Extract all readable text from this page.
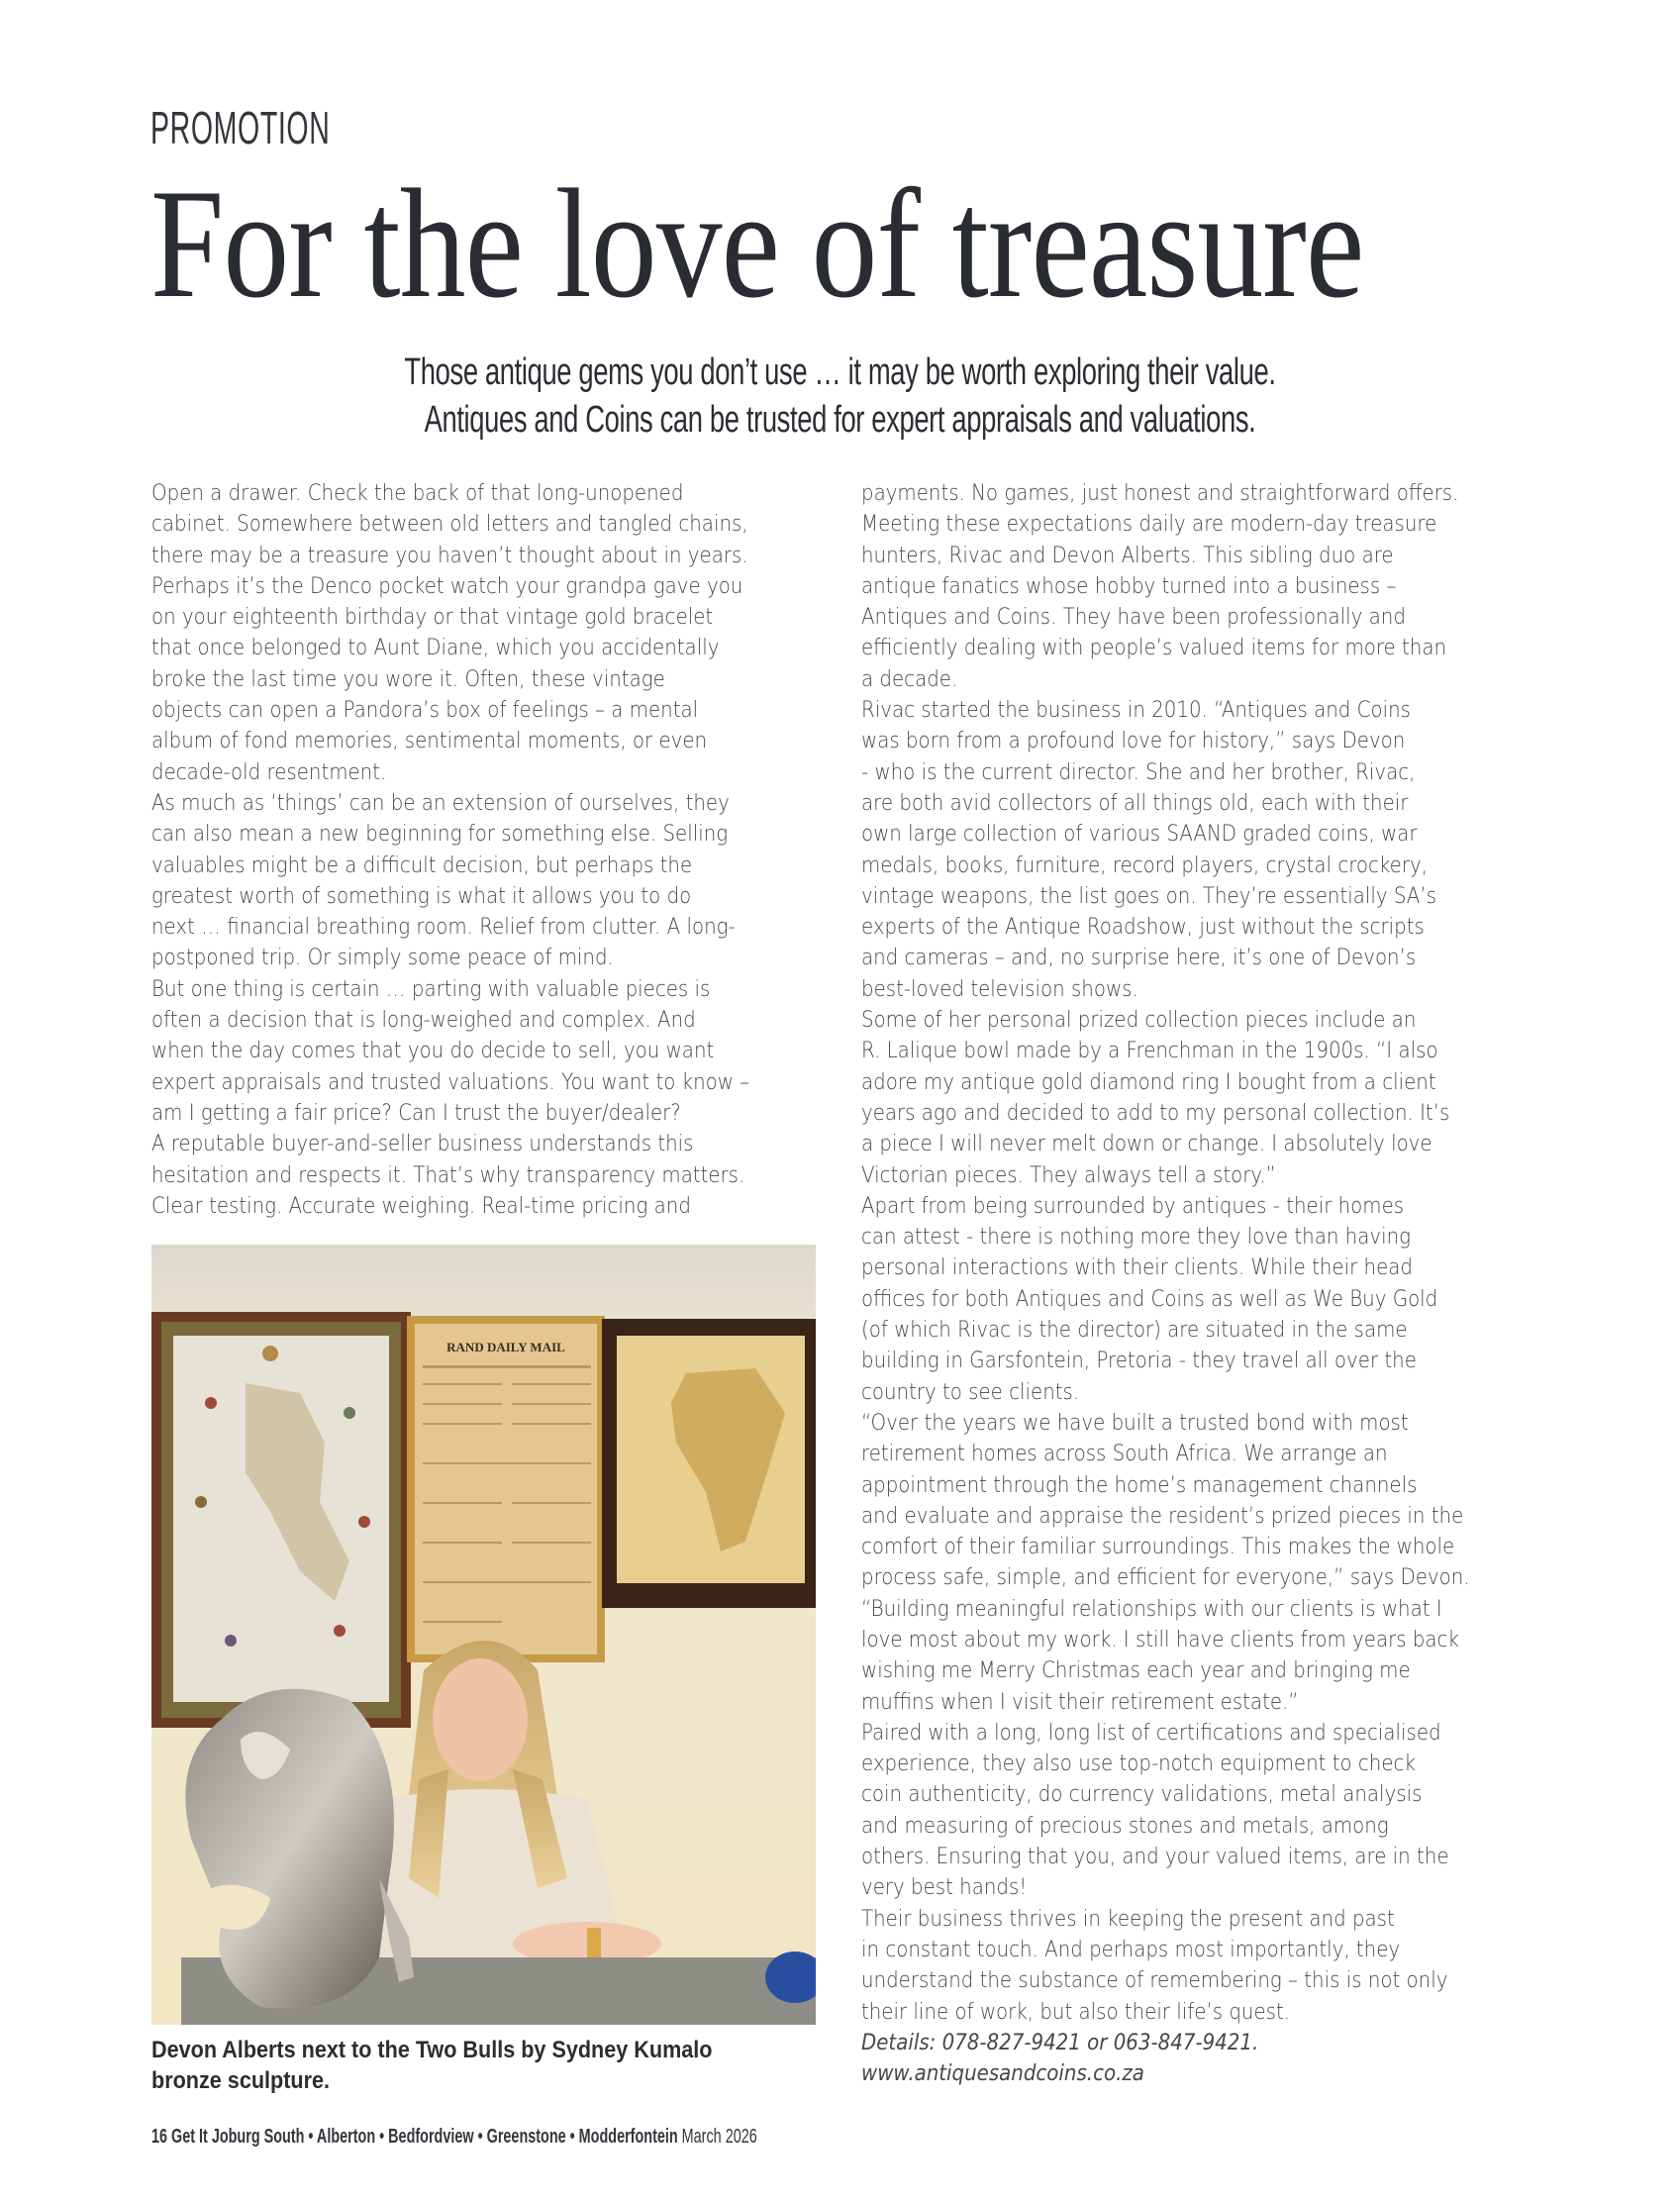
PROMOTION
For the love of treasure
Those antique gems you don’t use … it may be worth exploring their value.
Antiques and Coins can be trusted for expert appraisals and valuations.
Open a drawer. Check the back of that long-unopened
cabinet. Somewhere between old letters and tangled chains,
there may be a treasure you haven’t thought about in years.
Perhaps it’s the Denco pocket watch your grandpa gave you
on your eighteenth birthday or that vintage gold bracelet
that once belonged to Aunt Diane, which you accidentally
broke the last time you wore it. Often, these vintage
objects can open a Pandora’s box of feelings – a mental
album of fond memories, sentimental moments, or even
decade-old resentment.
As much as ‘things’ can be an extension of ourselves, they
can also mean a new beginning for something else. Selling
valuables might be a difficult decision, but perhaps the
greatest worth of something is what it allows you to do
next … financial breathing room. Relief from clutter. A long-
postponed trip. Or simply some peace of mind.
But one thing is certain … parting with valuable pieces is
often a decision that is long-weighed and complex. And
when the day comes that you do decide to sell, you want
expert appraisals and trusted valuations. You want to know –
am I getting a fair price? Can I trust the buyer/dealer?
A reputable buyer-and-seller business understands this
hesitation and respects it. That’s why transparency matters.
Clear testing. Accurate weighing. Real-time pricing and
payments. No games, just honest and straightforward offers.
Meeting these expectations daily are modern-day treasure
hunters, Rivac and Devon Alberts. This sibling duo are
antique fanatics whose hobby turned into a business –
Antiques and Coins. They have been professionally and
efficiently dealing with people’s valued items for more than
a decade.
Rivac started the business in 2010. “Antiques and Coins
was born from a profound love for history,” says Devon
- who is the current director. She and her brother, Rivac,
are both avid collectors of all things old, each with their
own large collection of various SAAND graded coins, war
medals, books, furniture, record players, crystal crockery,
vintage weapons, the list goes on. They’re essentially SA’s
experts of the Antique Roadshow, just without the scripts
and cameras – and, no surprise here, it’s one of Devon’s
best-loved television shows.
Some of her personal prized collection pieces include an
R. Lalique bowl made by a Frenchman in the 1900s. “I also
adore my antique gold diamond ring I bought from a client
years ago and decided to add to my personal collection. It’s
a piece I will never melt down or change. I absolutely love
Victorian pieces. They always tell a story.”
Apart from being surrounded by antiques - their homes
can attest - there is nothing more they love than having
personal interactions with their clients. While their head
offices for both Antiques and Coins as well as We Buy Gold
(of which Rivac is the director) are situated in the same
building in Garsfontein, Pretoria - they travel all over the
country to see clients.
“Over the years we have built a trusted bond with most
retirement homes across South Africa. We arrange an
appointment through the home’s management channels
and evaluate and appraise the resident’s prized pieces in the
comfort of their familiar surroundings. This makes the whole
process safe, simple, and efficient for everyone,” says Devon.
“Building meaningful relationships with our clients is what I
love most about my work. I still have clients from years back
wishing me Merry Christmas each year and bringing me
muffins when I visit their retirement estate.”
Paired with a long, long list of certifications and specialised
experience, they also use top-notch equipment to check
coin authenticity, do currency validations, metal analysis
and measuring of precious stones and metals, among
others. Ensuring that you, and your valued items, are in the
very best hands!
Their business thrives in keeping the present and past
in constant touch. And perhaps most importantly, they
understand the substance of remembering – this is not only
their line of work, but also their life’s quest.
Details: 078-827-9421 or 063-847-9421.
www.antiquesandcoins.co.za
RAND DAILY MAIL
Devon Alberts next to the Two Bulls by Sydney Kumalo
bronze sculpture.
16 Get It Joburg South • Alberton • Bedfordview • Greenstone • Modderfontein March 2026
